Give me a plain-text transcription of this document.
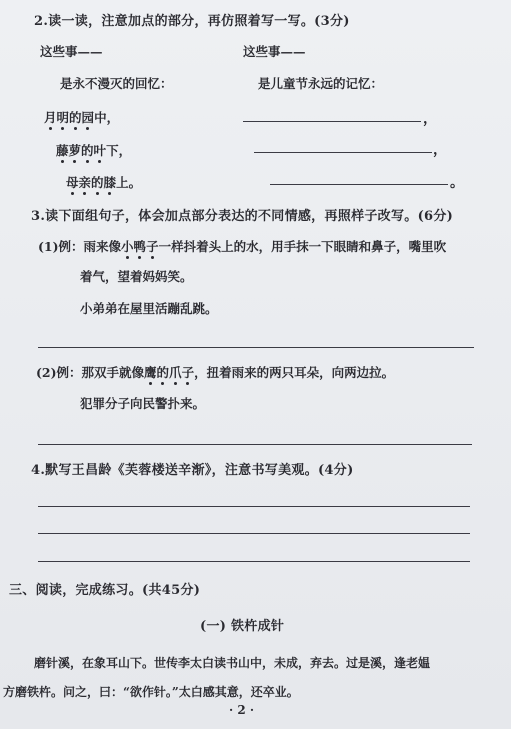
2.读一读，注意加点的部分，再仿照着写一写。(3分)
这些事——	这些事——
是永不漫灭的回忆：	是儿童节永远的记忆：
月明的园中，	，
藤萝的叶下，	，
母亲的膝上。	。
3.读下面组句子，体会加点部分表达的不同情感，再照样子改写。(6分)
(1)例：雨来像小鸭子一样抖着头上的水，用手抹一下眼睛和鼻子，嘴里吹
着气，望着妈妈笑。
小弟弟在屋里活蹦乱跳。
(2)例：那双手就像鹰的爪子，扭着雨来的两只耳朵，向两边拉。
犯罪分子向民警扑来。
4.默写王昌龄《芙蓉楼送辛渐》，注意书写美观。(4分)
三、阅读，完成练习。(共45分)
(一) 铁杵成针
磨针溪，在象耳山下。世传李太白读书山中，未成，弃去。过是溪，逢老媪
方磨铁杵。问之，曰：“欲作针。”太白感其意，还卒业。
· 2 ·
